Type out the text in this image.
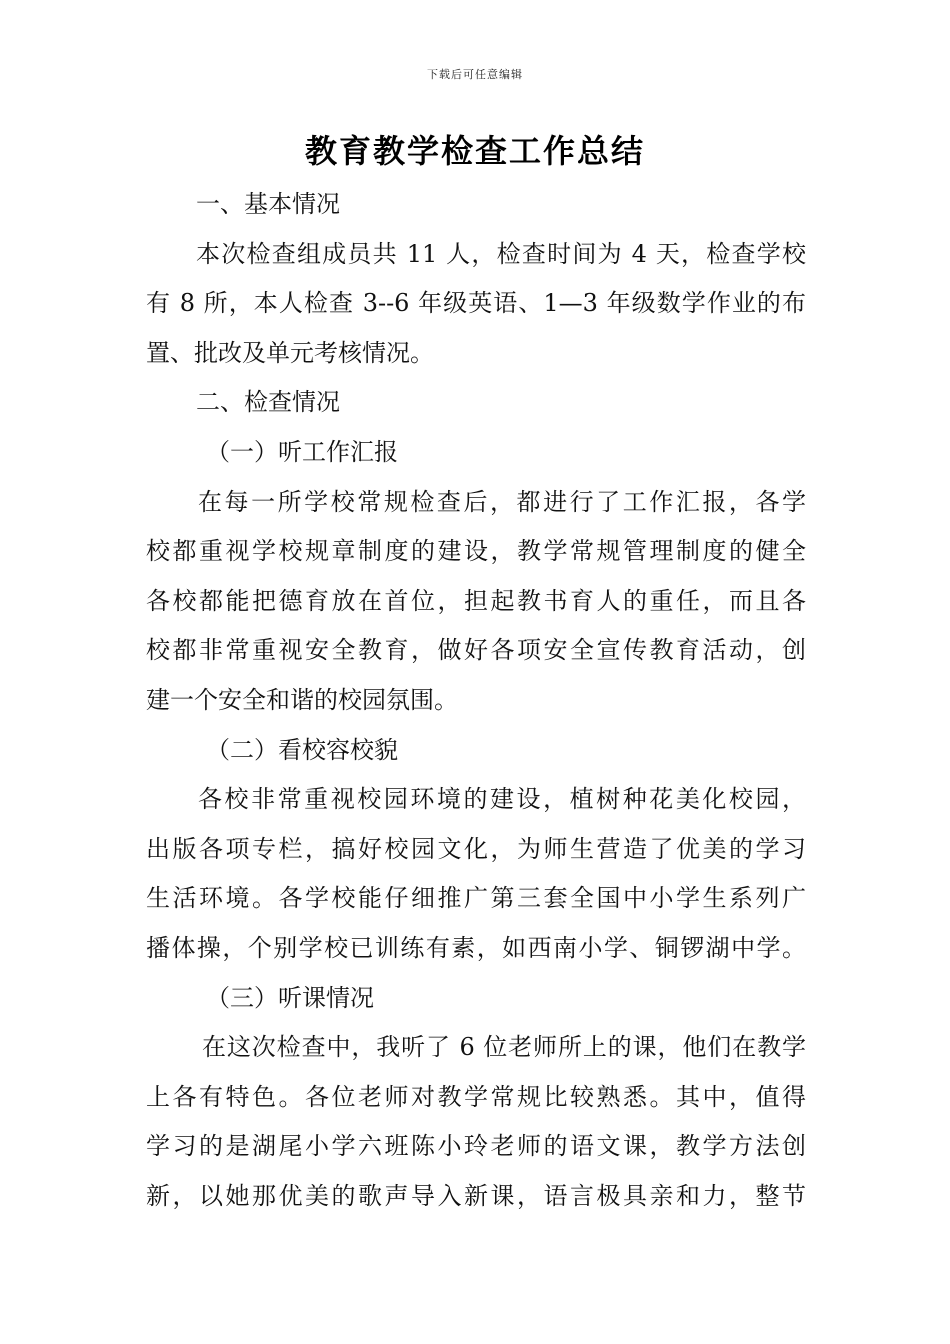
下载后可任意编辑
教育教学检查工作总结
一、基本情况
本次检查组成员共 11 人，检查时间为 4 天，检查学校
有 8 所，本人检查 3--6 年级英语、1—3 年级数学作业的布
置、批改及单元考核情况。
二、检查情况
（一）听工作汇报
在每一所学校常规检查后，都进行了工作汇报，各学
校都重视学校规章制度的建设，教学常规管理制度的健全
各校都能把德育放在首位，担起教书育人的重任，而且各
校都非常重视安全教育，做好各项安全宣传教育活动，创
建一个安全和谐的校园氛围。
（二）看校容校貌
各校非常重视校园环境的建设，植树种花美化校园，
出版各项专栏，搞好校园文化，为师生营造了优美的学习
生活环境。各学校能仔细推广第三套全国中小学生系列广
播体操，个别学校已训练有素，如西南小学、铜锣湖中学。
（三）听课情况
在这次检查中，我听了 6 位老师所上的课，他们在教学
上各有特色。各位老师对教学常规比较熟悉。其中，值得
学习的是湖尾小学六班陈小玲老师的语文课，教学方法创
新，以她那优美的歌声导入新课，语言极具亲和力，整节
